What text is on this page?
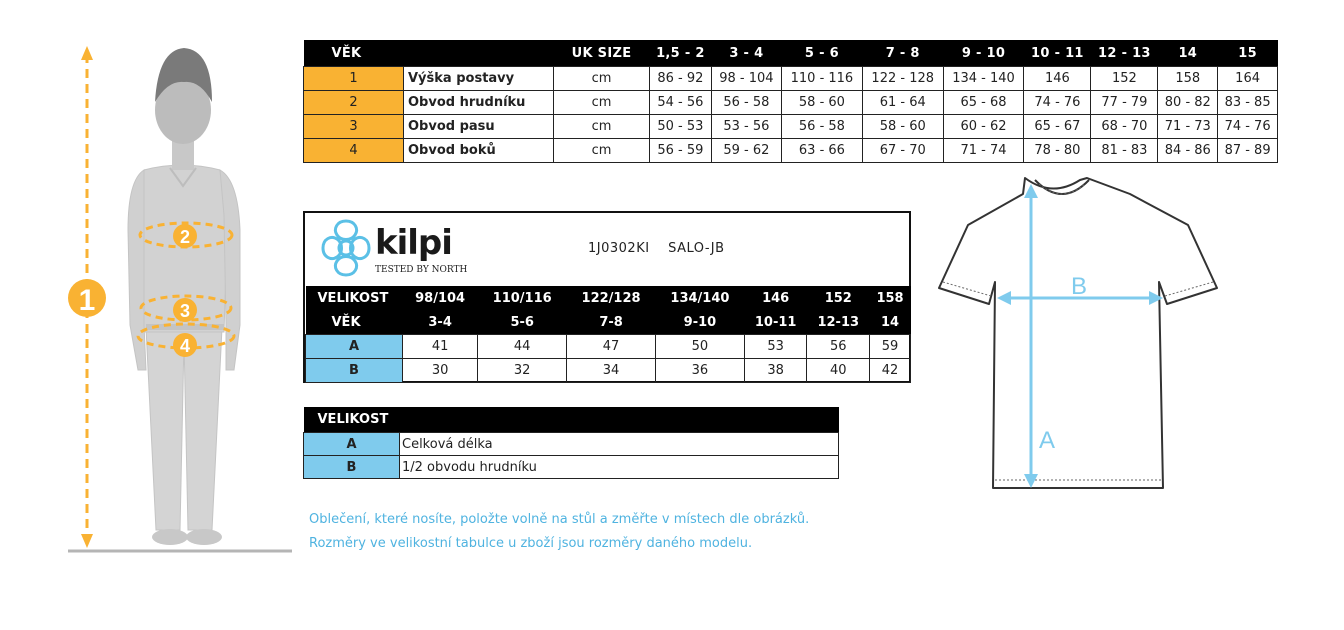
1
2
3
4
VĚK		UK SIZE	1,5 - 2	3 - 4	5 - 6	7 - 8	9 - 10	10 - 11	12 - 13	14	15
1	Výška postavy	cm	86 - 92	98 - 104	110 - 116	122 - 128	134 - 140	146	152	158	164
2	Obvod hrudníku	cm	54 - 56	56 - 58	58 - 60	61 - 64	65 - 68	74 - 76	77 - 79	80 - 82	83 - 85
3	Obvod pasu	cm	50 - 53	53 - 56	56 - 58	58 - 60	60 - 62	65 - 67	68 - 70	71 - 73	74 - 76
4	Obvod boků	cm	56 - 59	59 - 62	63 - 66	67 - 70	71 - 74	78 - 80	81 - 83	84 - 86	87 - 89
kilpi
TESTED BY NORTH
1J0302KI    SALO-JB
VELIKOST	98/104	110/116	122/128	134/140	146	152	158
VĚK	3-4	5-6	7-8	9-10	10-11	12-13	14
A	41	44	47	50	53	56	59
B	30	32	34	36	38	40	42
VELIKOST	
A	Celková délka
B	1/2 obvodu hrudníku
Oblečení, které nosíte, položte volně na stůl a změřte v místech dle obrázků.
Rozměry ve velikostní tabulce u zboží jsou rozměry daného modelu.
A
B
